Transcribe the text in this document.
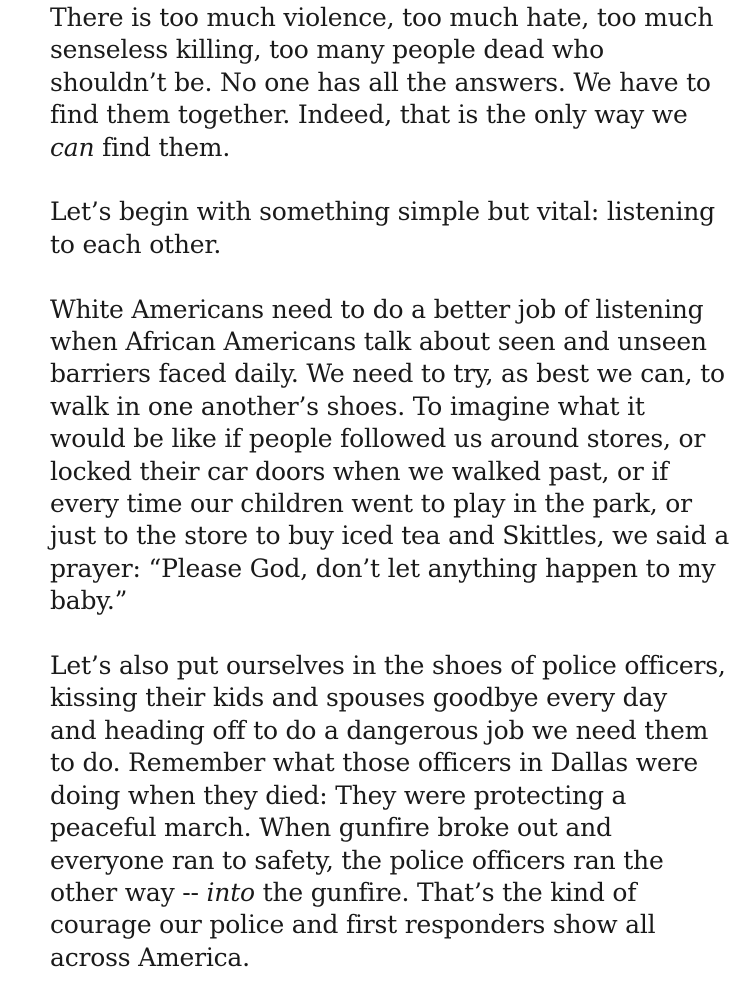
There is too much violence, too much hate, too much
senseless killing, too many people dead who
shouldn’t be. No one has all the answers. We have to
find them together. Indeed, that is the only way we
can find them.

Let’s begin with something simple but vital: listening
to each other.

White Americans need to do a better job of listening
when African Americans talk about seen and unseen
barriers faced daily. We need to try, as best we can, to
walk in one another’s shoes. To imagine what it
would be like if people followed us around stores, or
locked their car doors when we walked past, or if
every time our children went to play in the park, or
just to the store to buy iced tea and Skittles, we said a
prayer: “Please God, don’t let anything happen to my
baby.”

Let’s also put ourselves in the shoes of police officers,
kissing their kids and spouses goodbye every day
and heading off to do a dangerous job we need them
to do. Remember what those officers in Dallas were
doing when they died: They were protecting a
peaceful march. When gunfire broke out and
everyone ran to safety, the police officers ran the
other way -- into the gunfire. That’s the kind of
courage our police and first responders show all
across America.
